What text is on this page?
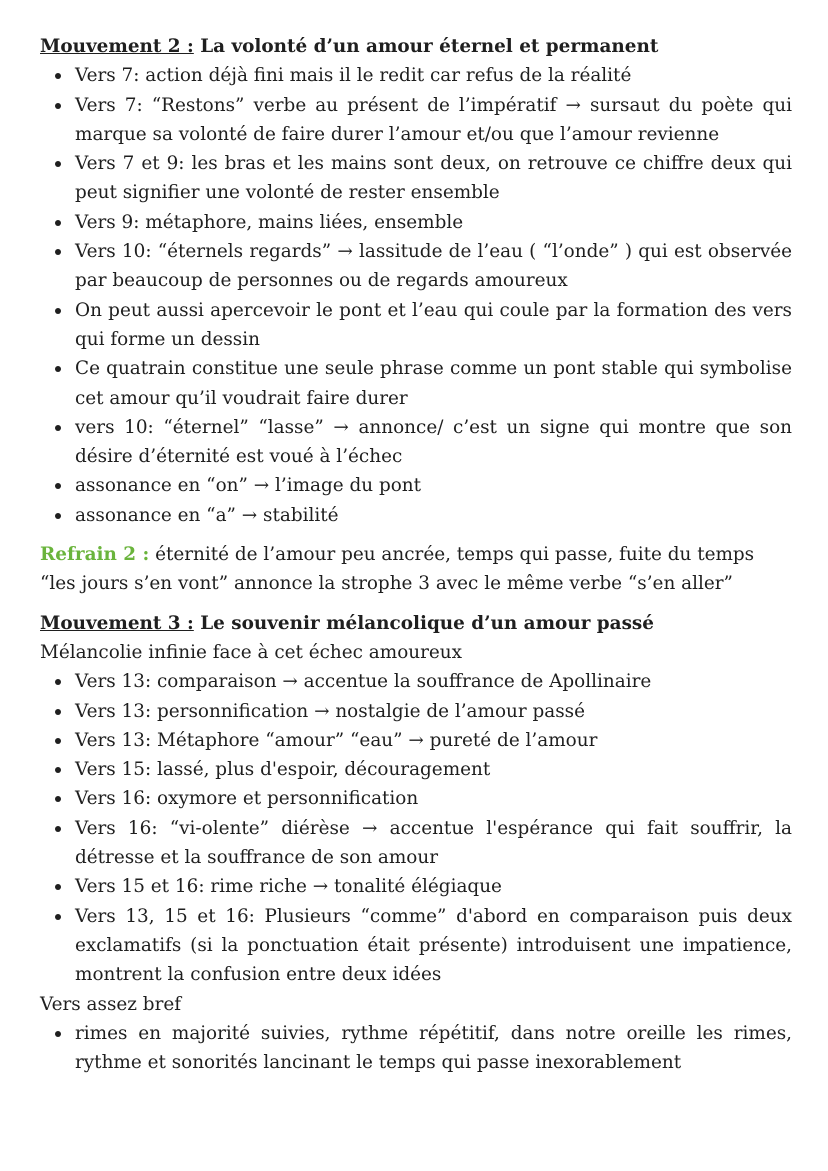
Mouvement 2 : La volonté d’un amour éternel et permanent

Vers 7: action déjà fini mais il le redit car refus de la réalité
Vers 7: “Restons” verbe au présent de l’impératif → sursaut du poète qui marque sa volonté de faire durer l’amour et/ou que l’amour revienne
Vers 7 et 9: les bras et les mains sont deux, on retrouve ce chiffre deux qui peut signifier une volonté de rester ensemble
Vers 9: métaphore, mains liées, ensemble
Vers 10: “éternels regards” → lassitude de l’eau ( “l’onde” ) qui est observée par beaucoup de personnes ou de regards amoureux
On peut aussi apercevoir le pont et l’eau qui coule par la formation des vers qui forme un dessin
Ce quatrain constitue une seule phrase comme un pont stable qui symbolise cet amour qu’il voudrait faire durer
vers 10: “éternel” “lasse” → annonce/ c’est un signe qui montre que son désire d’éternité est voué à l’échec
assonance en “on” → l’image du pont
assonance en “a” → stabilité

Refrain 2 : éternité de l’amour peu ancrée, temps qui passe, fuite du temps

“les jours s’en vont” annonce la strophe 3 avec le même verbe “s’en aller”

Mouvement 3 : Le souvenir mélancolique d’un amour passé

Mélancolie infinie face à cet échec amoureux

Vers 13: comparaison → accentue la souffrance de Apollinaire
Vers 13: personnification → nostalgie de l’amour passé
Vers 13: Métaphore “amour” “eau” → pureté de l’amour
Vers 15: lassé, plus d'espoir, découragement
Vers 16: oxymore et personnification
Vers 16: “vi-olente” diérèse → accentue l'espérance qui fait souffrir, la détresse et la souffrance de son amour
Vers 15 et 16: rime riche → tonalité élégiaque
Vers 13, 15 et 16: Plusieurs “comme” d'abord en comparaison puis deux exclamatifs (si la ponctuation était présente) introduisent une impatience, montrent la confusion entre deux idées

Vers assez bref

rimes en majorité suivies, rythme répétitif, dans notre oreille les rimes, rythme et sonorités lancinant le temps qui passe inexorablement
